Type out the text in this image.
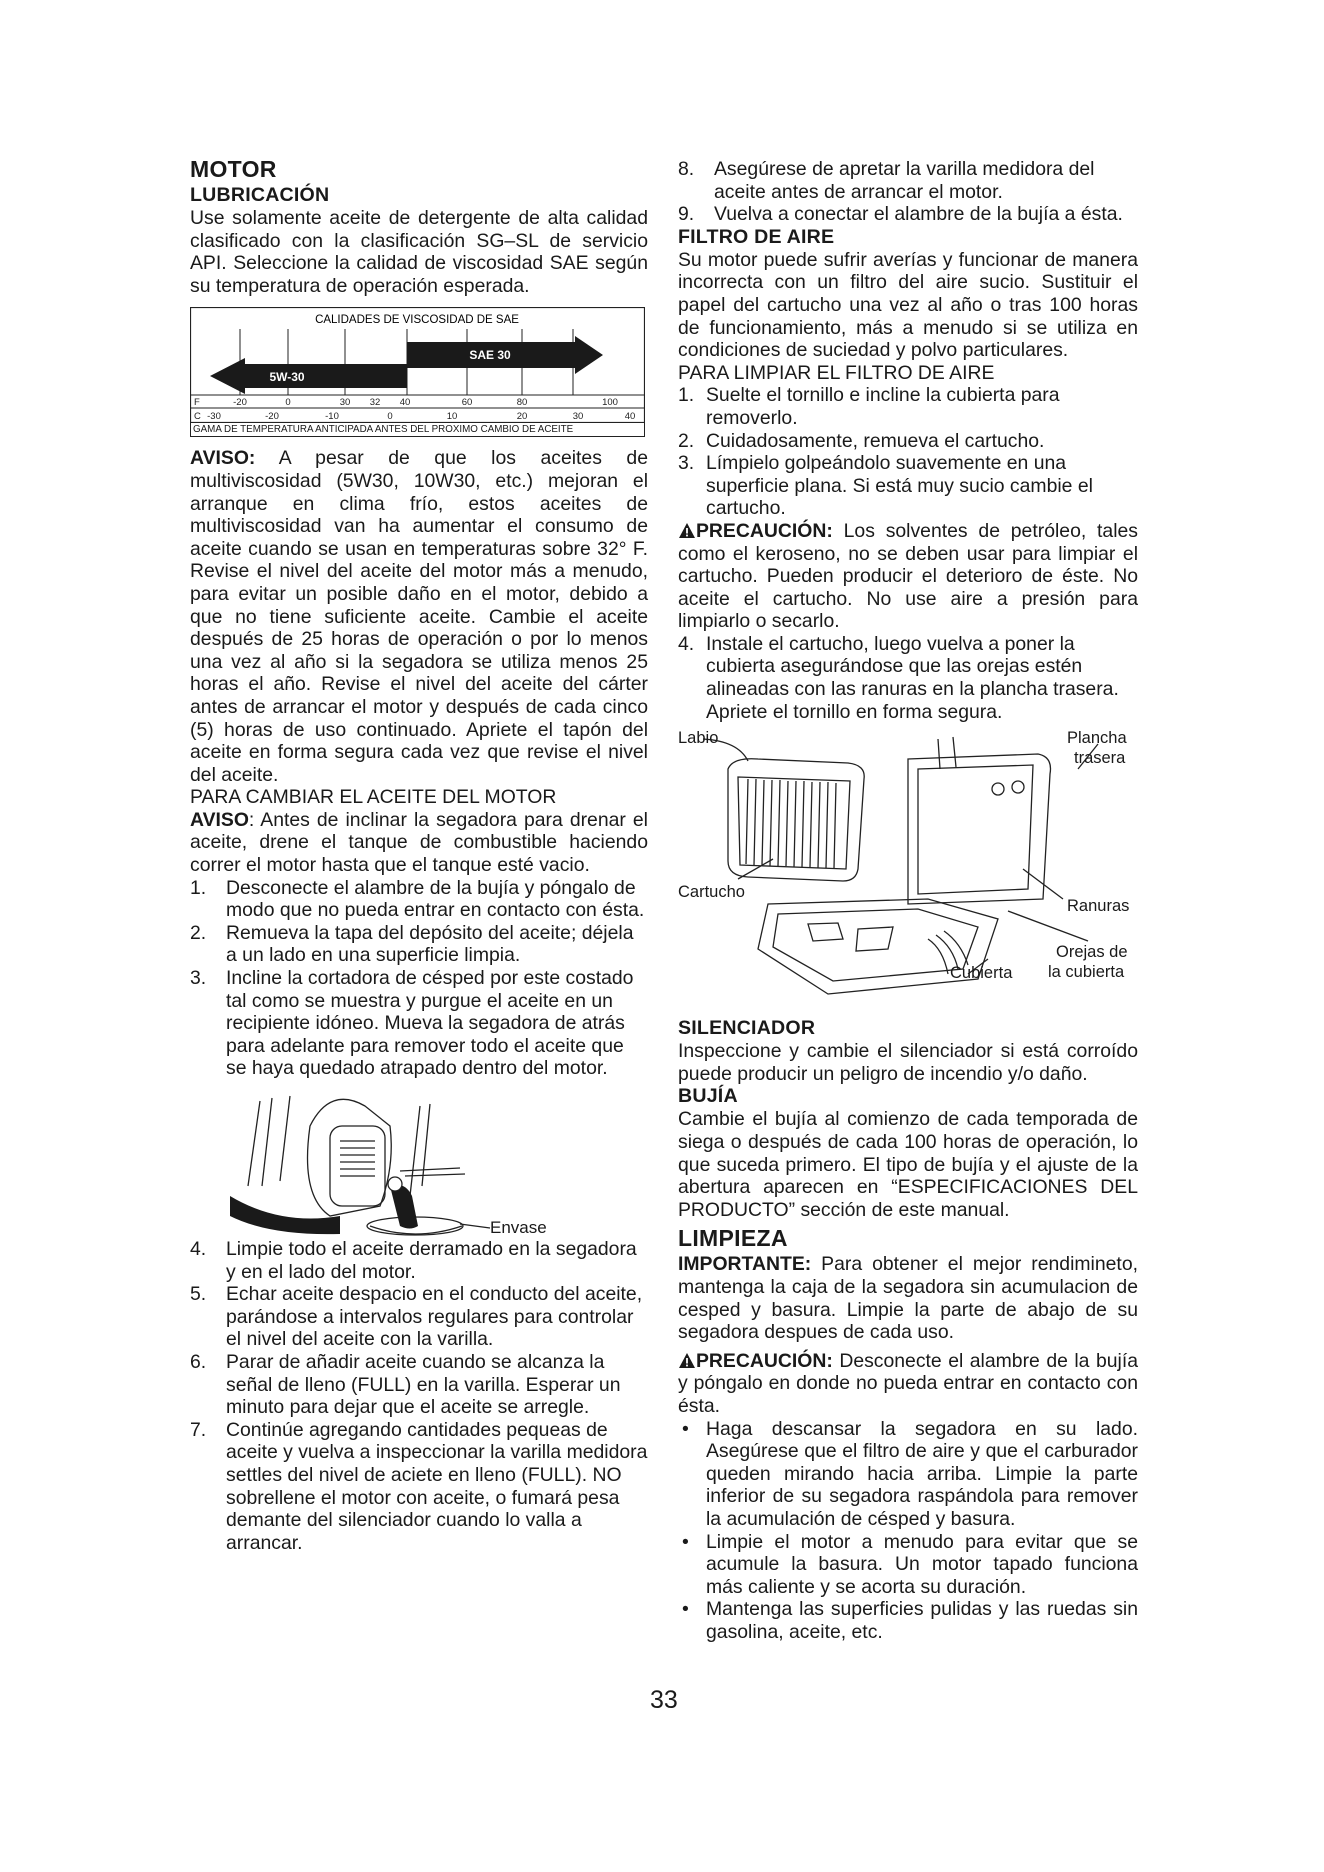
MOTOR
LUBRICACIÓN

Use solamente aceite de detergente de alta calidad clasificado con la clasificación SG–SL de servicio API. Seleccione la calidad de viscosidad SAE según su temperatura de operación esperada.

CALIDADES DE VISCOSIDAD DE SAE
SAE 30
5W-30
F	-20	0	30 32 40	60	80	100
C -30	-20	-10	0	10	20	30	40
GAMA DE TEMPERATURA ANTICIPADA ANTES DEL PROXIMO CAMBIO DE ACEITE

AVISO: A pesar de que los aceites de multiviscosidad (5W30, 10W30, etc.) mejoran el arranque en clima frío, estos aceites de multiviscosidad van ha aumentar el consumo de aceite cuando se usan en temperaturas sobre 32° F. Revise el nivel del aceite del motor más a menudo, para evitar un posible daño en el motor, debido a que no tiene suficiente aceite. Cambie el aceite después de 25 horas de operación o por lo menos una vez al año si la segadora se utiliza menos 25 horas el año. Revise el nivel del aceite del cárter antes de arrancar el motor y después de cada cinco (5) horas de uso continuado. Apriete el tapón del aceite en forma segura cada vez que revise el nivel del aceite.

PARA CAMBIAR EL ACEITE DEL MOTOR

AVISO: Antes de inclinar la segadora para drenar el aceite, drene el tanque de combustible haciendo correr el motor hasta que el tanque esté vacio.

1. Desconecte el alambre de la bujía y póngalo de modo que no pueda entrar en contacto con ésta.
2. Remueva la tapa del depósito del aceite; déjela a un lado en una superficie limpia.
3. Incline la cortadora de césped por este costado tal como se muestra y purgue el aceite en un recipiente idóneo. Mueva la segadora de atrás para adelante para remover todo el aceite que se haya quedado atrapado dentro del motor.
Envase
4. Limpie todo el aceite derramado en la segadora y en el lado del motor.
5. Echar aceite despacio en el conducto del aceite, parándose a intervalos regulares para controlar el nivel del aceite con la varilla.
6. Parar de añadir aceite cuando se alcanza la señal de lleno (FULL) en la varilla. Esperar un minuto para dejar que el aceite se arregle.
7. Continúe agregando cantidades pequeas de aceite y vuelva a inspeccionar la varilla medidora settles del nivel de aciete en lleno (FULL). NO sobrellene el motor con aceite, o fumará pesa demante del silenciador cuando lo valla a arrancar.
8. Asegúrese de apretar la varilla medidora del aceite antes de arrancar el motor.
9. Vuelva a conectar el alambre de la bujía a ésta.
FILTRO DE AIRE

Su motor puede sufrir averías y funcionar de manera incorrecta con un filtro del aire sucio. Sustituir el papel del cartucho una vez al año o tras 100 horas de funcionamiento, más a menudo si se utiliza en condiciones de suciedad y polvo particulares.

PARA LIMPIAR EL FILTRO DE AIRE

1. Suelte el tornillo e incline la cubierta para removerlo.
2. Cuidadosamente, remueva el cartucho.
3. Límpielo golpeándolo suavemente en una superficie plana. Si está muy sucio cambie el cartucho.

PRECAUCIÓN: Los solventes de petróleo, tales como el keroseno, no se deben usar para limpiar el cartucho. Pueden producir el deterioro de éste. No aceite el cartucho. No use aire a presión para limpiarlo o secarlo.

4. Instale el cartucho, luego vuelva a poner la cubierta asegurándose que las orejas estén alineadas con las ranuras en la plancha trasera. Apriete el tornillo en forma segura.
Labio	Plancha
trasera
Cartucho
Ranuras
Orejas de
la cubierta
Cubierta
SILENCIADOR

Inspeccione y cambie el silenciador si está corroído puede producir un peligro de incendio y/o daño.

BUJÍA

Cambie el bujía al comienzo de cada temporada de siega o después de cada 100 horas de operación, lo que suceda primero. El tipo de bujía y el ajuste de la abertura aparecen en “ESPECIFICACIONES DEL PRODUCTO” sección de este manual.

LIMPIEZA

IMPORTANTE: Para obtener el mejor rendimineto, mantenga la caja de la segadora sin acumulacion de cesped y basura. Limpie la parte de abajo de su segadora despues de cada uso.

PRECAUCIÓN: Desconecte el alambre de la bujía y póngalo en donde no pueda entrar en contacto con ésta.

• Haga descansar la segadora en su lado. Asegúrese que el filtro de aire y que el carburador queden mirando hacia arriba. Limpie la parte inferior de su segadora raspándola para remover la acumulación de césped y basura.
• Limpie el motor a menudo para evitar que se acumule la basura. Un motor tapado funciona más caliente y se acorta su duración.
• Mantenga las superficies pulidas y las ruedas sin gasolina, aceite, etc.
33
